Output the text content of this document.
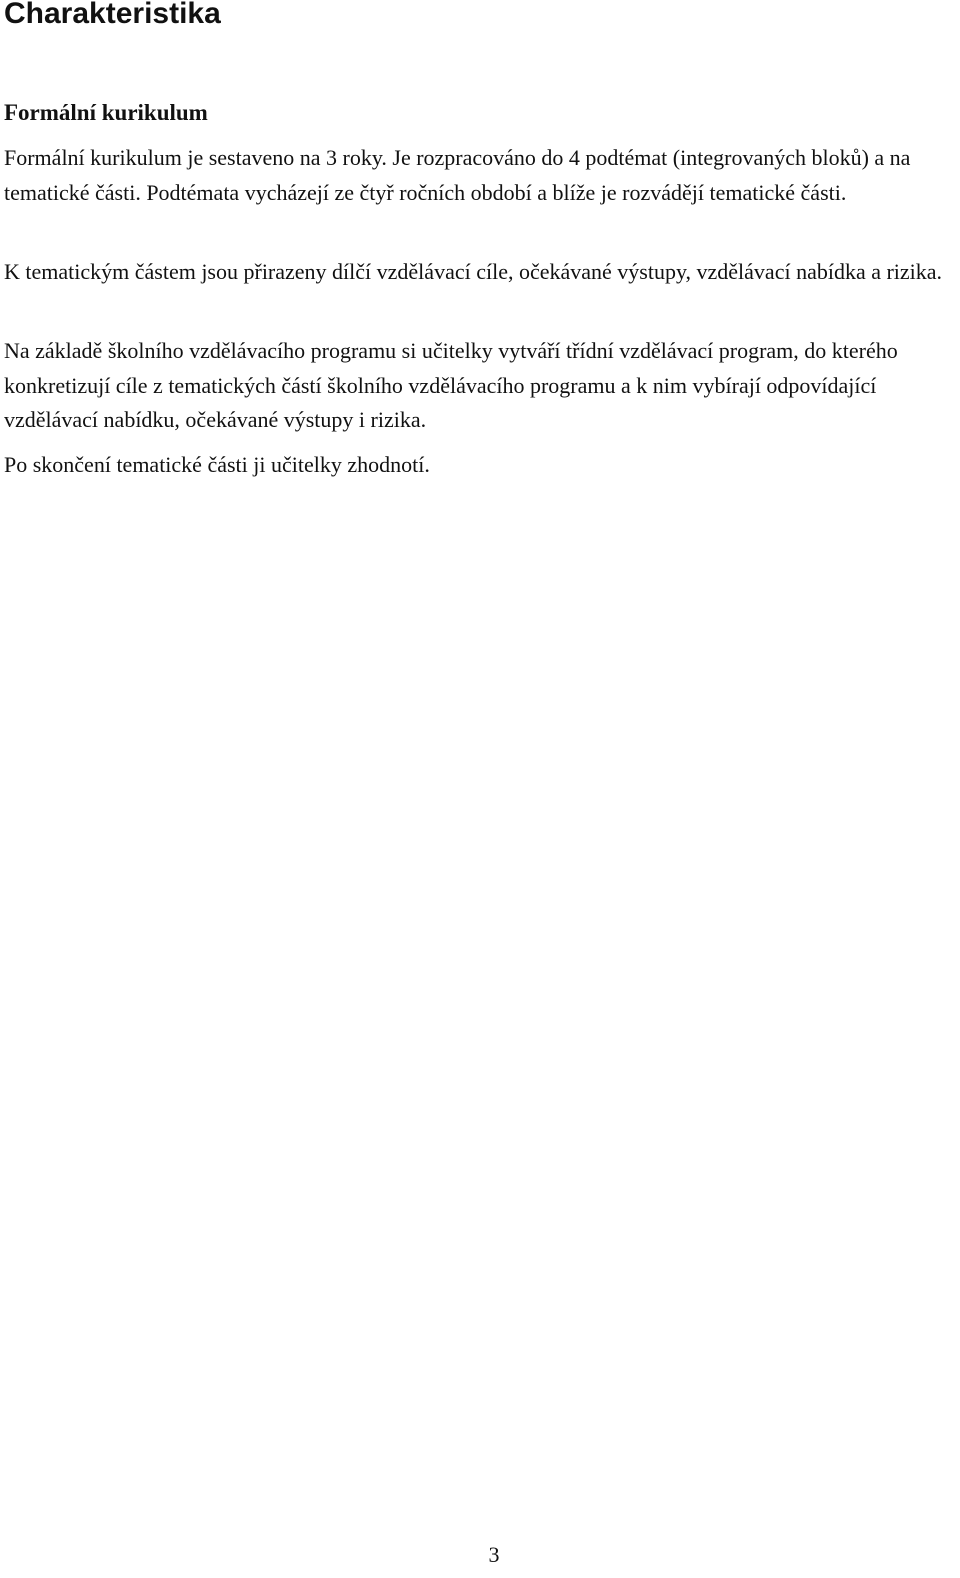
Charakteristika
Formální kurikulum

Formální kurikulum je sestaveno na 3 roky. Je rozpracováno do 4 podtémat (integrovaných bloků) a na tematické části. Podtémata vycházejí ze čtyř ročních období a blíže je rozvádějí tematické části.

K tematickým částem jsou přirazeny dílčí vzdělávací cíle, očekávané výstupy, vzdělávací nabídka a rizika.

Na základě školního vzdělávacího programu si učitelky vytváří třídní vzdělávací program, do kterého konkretizují cíle z tematických částí školního vzdělávacího programu a k nim vybírají odpovídající vzdělávací nabídku, očekávané výstupy i rizika.

Po skončení tematické části ji učitelky zhodnotí.

3
